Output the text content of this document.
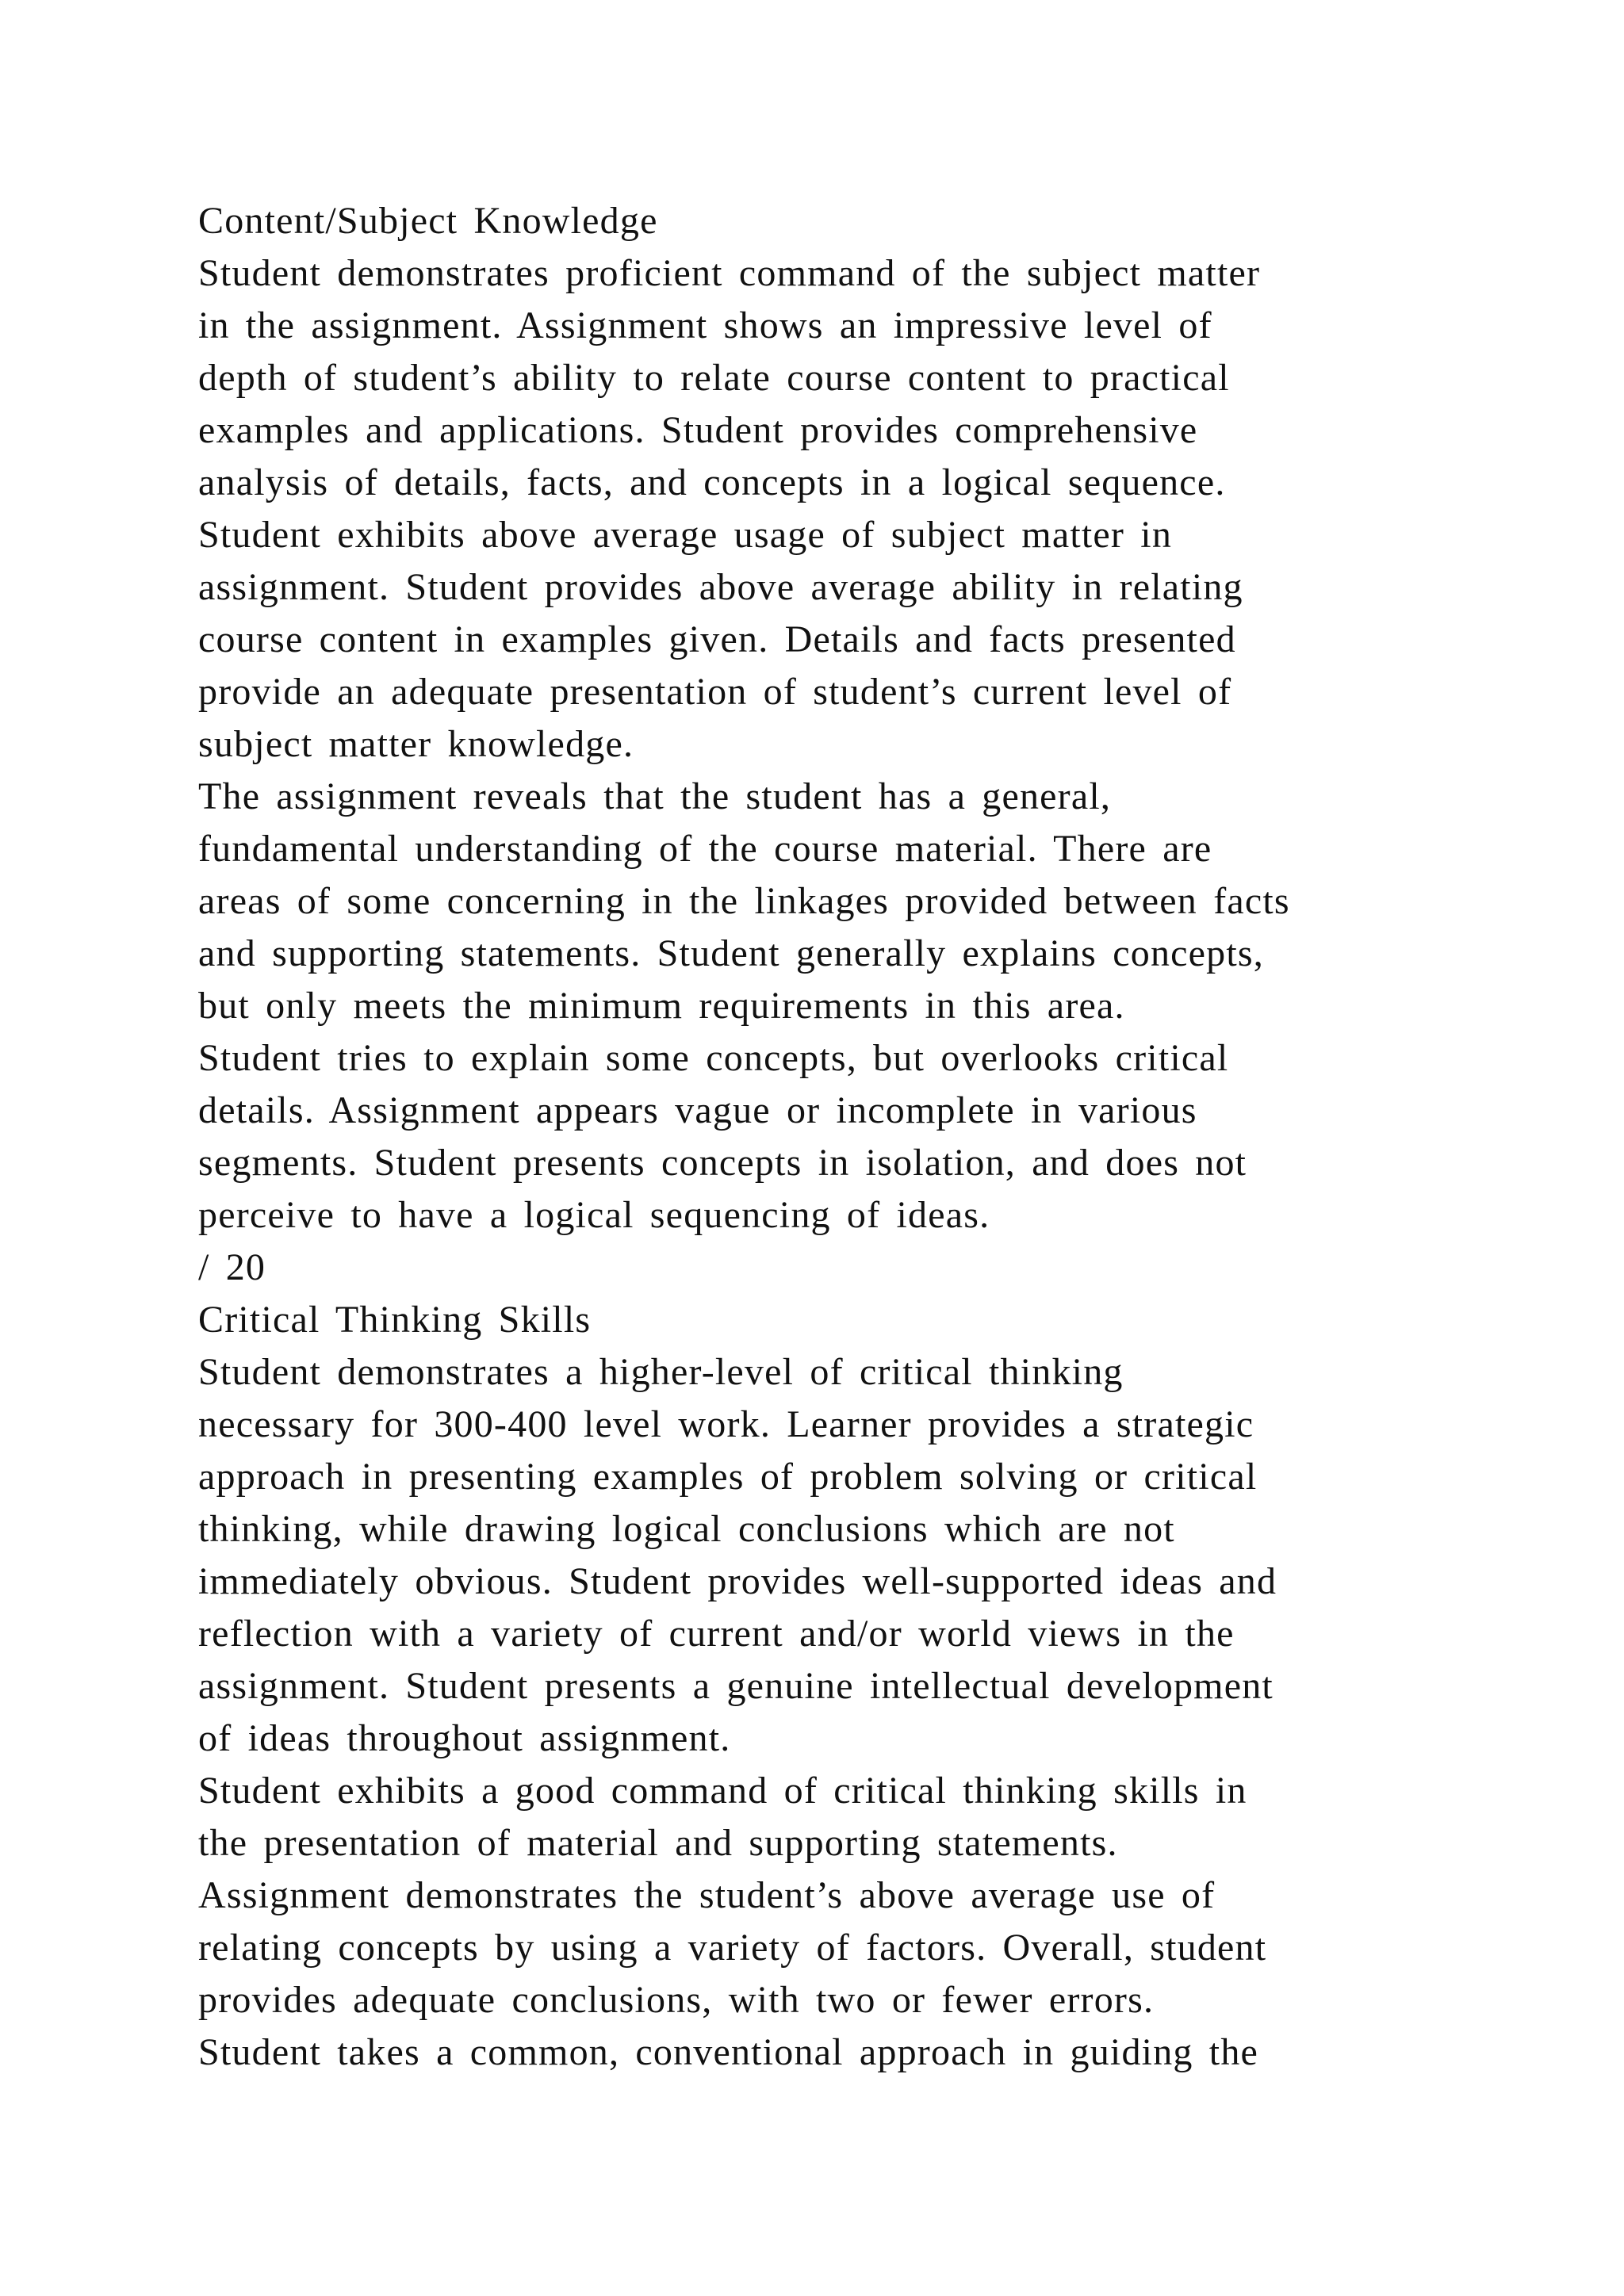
Content/Subject Knowledge
Student demonstrates proficient command of the subject matter
in the assignment. Assignment shows an impressive level of
depth of student’s ability to relate course content to practical
examples and applications. Student provides comprehensive
analysis of details, facts, and concepts in a logical sequence.
Student exhibits above average usage of subject matter in
assignment. Student provides above average ability in relating
course content in examples given. Details and facts presented
provide an adequate presentation of student’s current level of
subject matter knowledge.
The assignment reveals that the student has a general,
fundamental understanding of the course material. There are
areas of some concerning in the linkages provided between facts
and supporting statements. Student generally explains concepts,
but only meets the minimum requirements in this area.
Student tries to explain some concepts, but overlooks critical
details. Assignment appears vague or incomplete in various
segments. Student presents concepts in isolation, and does not
perceive to have a logical sequencing of ideas.
/ 20
Critical Thinking Skills
Student demonstrates a higher-level of critical thinking
necessary for 300-400 level work. Learner provides a strategic
approach in presenting examples of problem solving or critical
thinking, while drawing logical conclusions which are not
immediately obvious. Student provides well-supported ideas and
reflection with a variety of current and/or world views in the
assignment. Student presents a genuine intellectual development
of ideas throughout assignment.
Student exhibits a good command of critical thinking skills in
the presentation of material and supporting statements.
Assignment demonstrates the student’s above average use of
relating concepts by using a variety of factors. Overall, student
provides adequate conclusions, with two or fewer errors.
Student takes a common, conventional approach in guiding the
